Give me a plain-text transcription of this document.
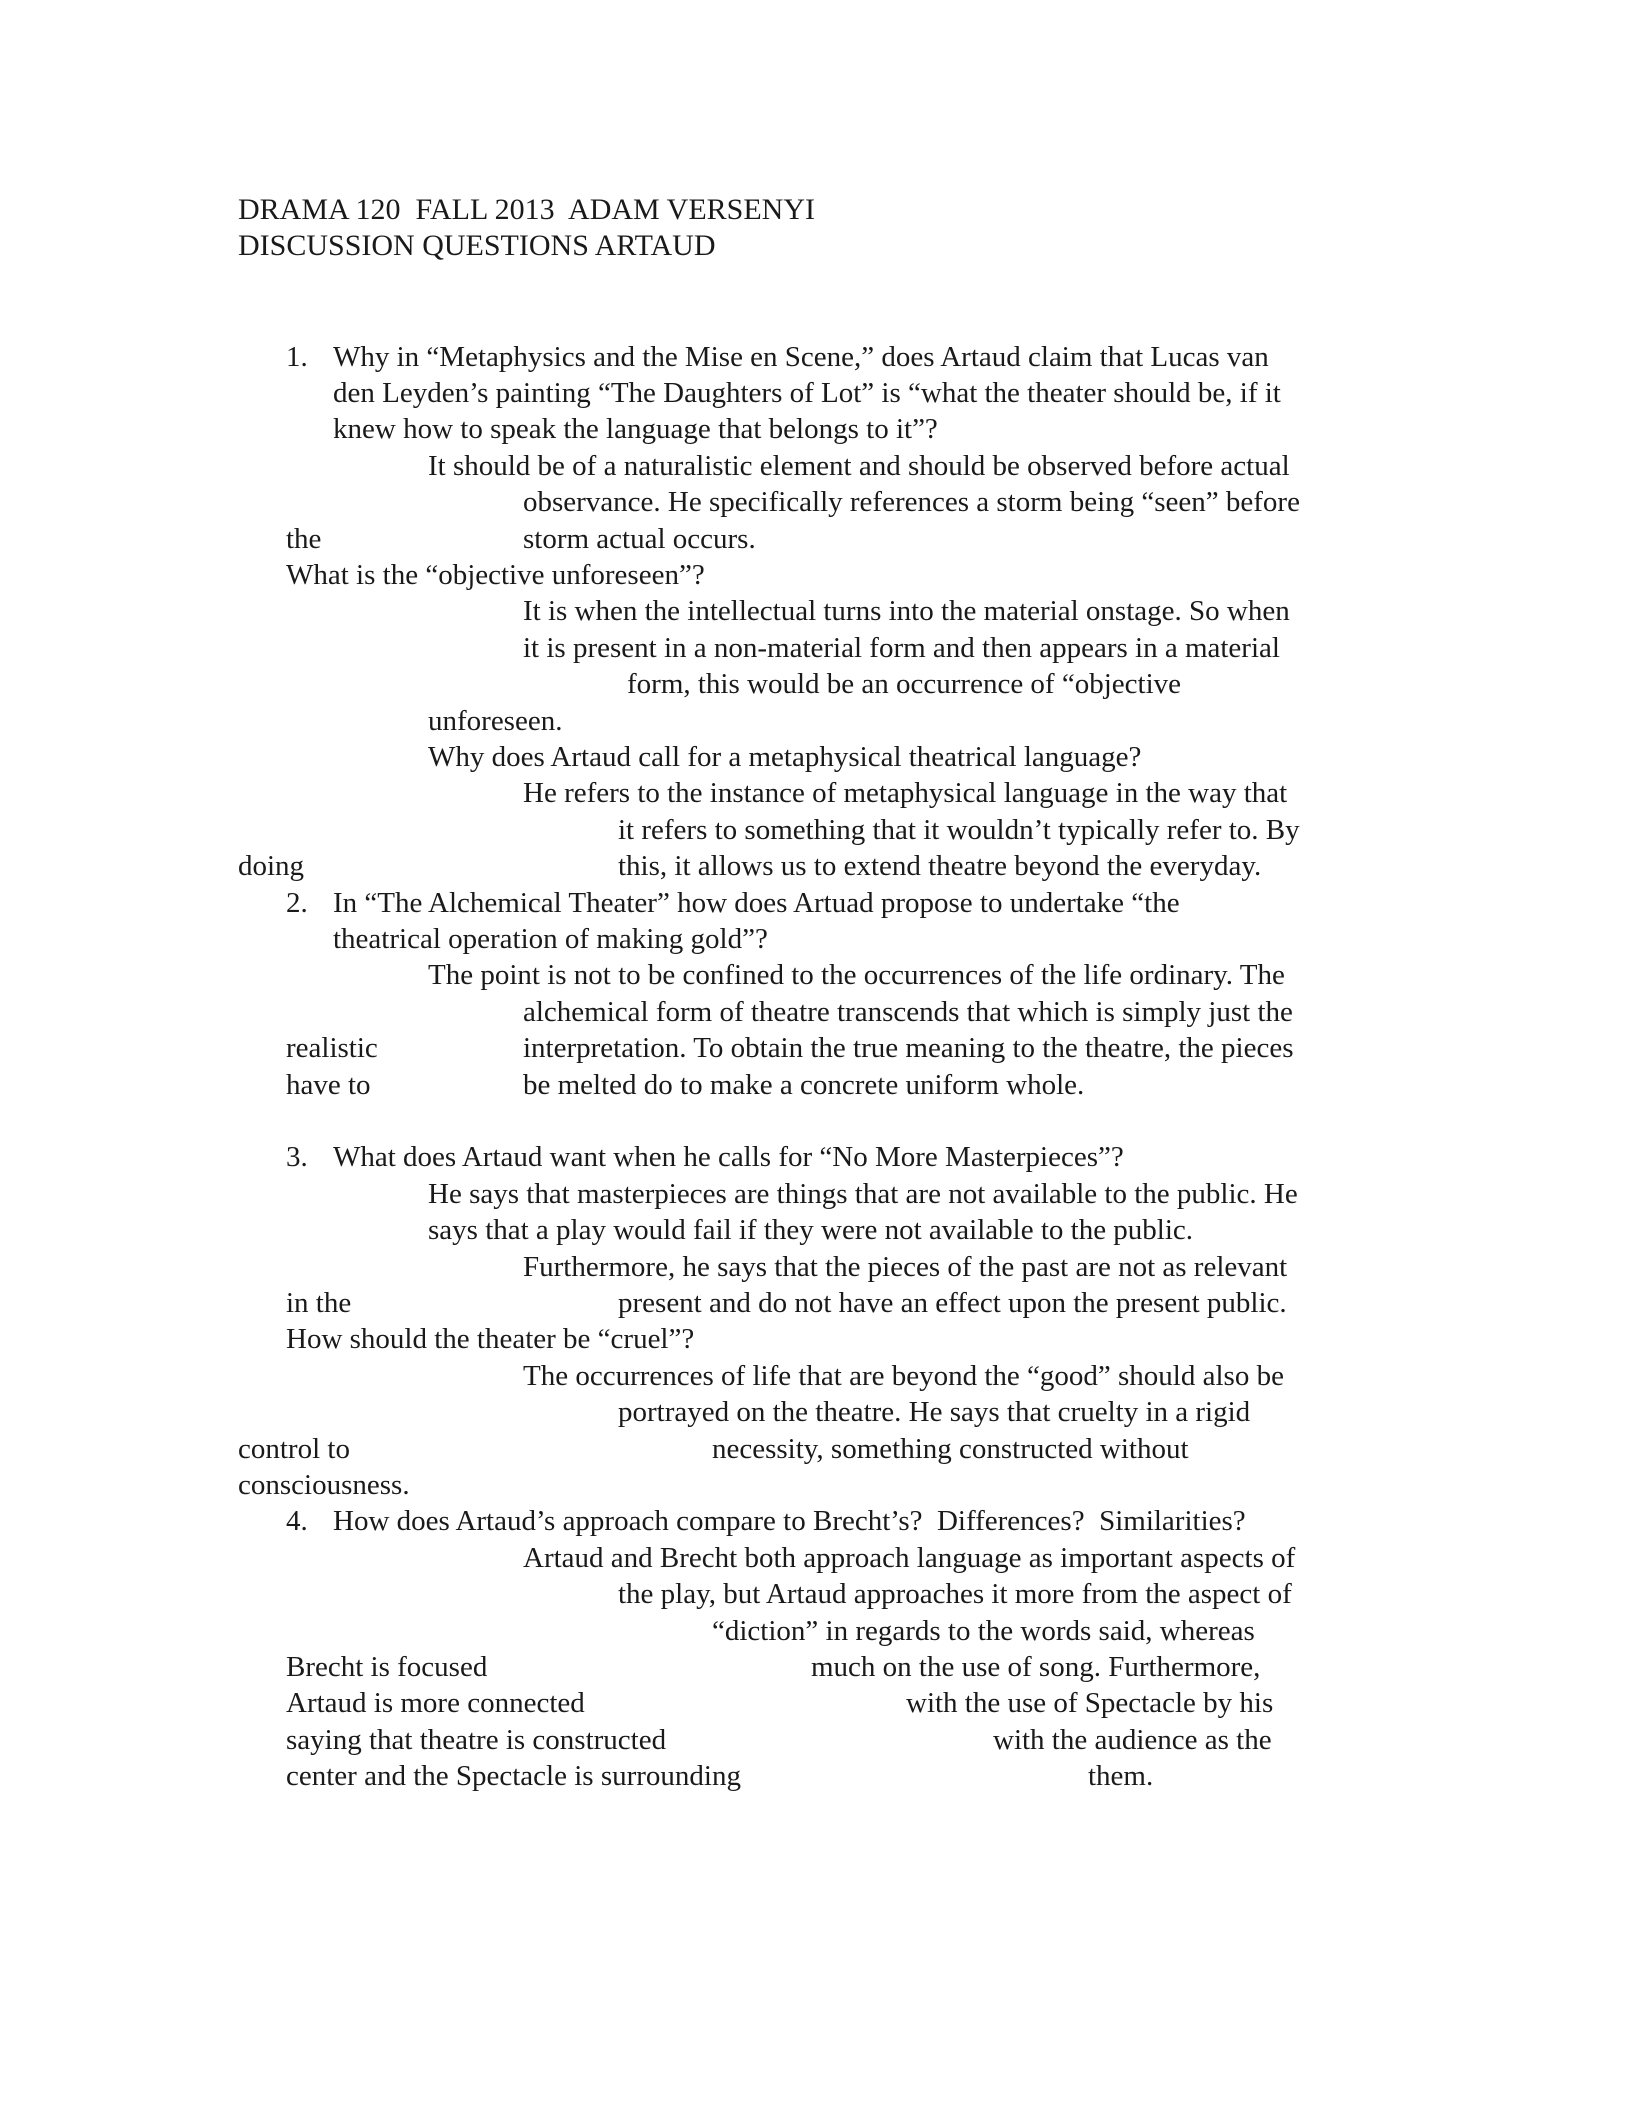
DRAMA 120  FALL 2013  ADAM VERSENYI
DISCUSSION QUESTIONS ARTAUD
1. Why in “Metaphysics and the Mise en Scene,” does Artaud claim that Lucas van
den Leyden’s painting “The Daughters of Lot” is “what the theater should be, if it
knew how to speak the language that belongs to it”?
It should be of a naturalistic element and should be observed before actual
observance. He specifically references a storm being “seen” before
the	storm actual occurs.
What is the “objective unforeseen”?
It is when the intellectual turns into the material onstage. So when
it is present in a non-material form and then appears in a material
form, this would be an occurrence of “objective
unforeseen.
Why does Artaud call for a metaphysical theatrical language?
He refers to the instance of metaphysical language in the way that
it refers to something that it wouldn’t typically refer to. By
doing	this, it allows us to extend theatre beyond the everyday.
2. In “The Alchemical Theater” how does Artuad propose to undertake “the
theatrical operation of making gold”?
The point is not to be confined to the occurrences of the life ordinary. The
alchemical form of theatre transcends that which is simply just the
realistic	interpretation. To obtain the true meaning to the theatre, the pieces
have to	be melted do to make a concrete uniform whole.
3. What does Artaud want when he calls for “No More Masterpieces”?
He says that masterpieces are things that are not available to the public. He
says that a play would fail if they were not available to the public.
Furthermore, he says that the pieces of the past are not as relevant
in the	present and do not have an effect upon the present public.
How should the theater be “cruel”?
The occurrences of life that are beyond the “good” should also be
portrayed on the theatre. He says that cruelty in a rigid
control to	necessity, something constructed without
consciousness.
4. How does Artaud’s approach compare to Brecht’s?  Differences?  Similarities?
Artaud and Brecht both approach language as important aspects of
the play, but Artaud approaches it more from the aspect of
“diction” in regards to the words said, whereas
Brecht is focused	much on the use of song. Furthermore,
Artaud is more connected	with the use of Spectacle by his
saying that theatre is constructed	with the audience as the
center and the Spectacle is surrounding	them.
